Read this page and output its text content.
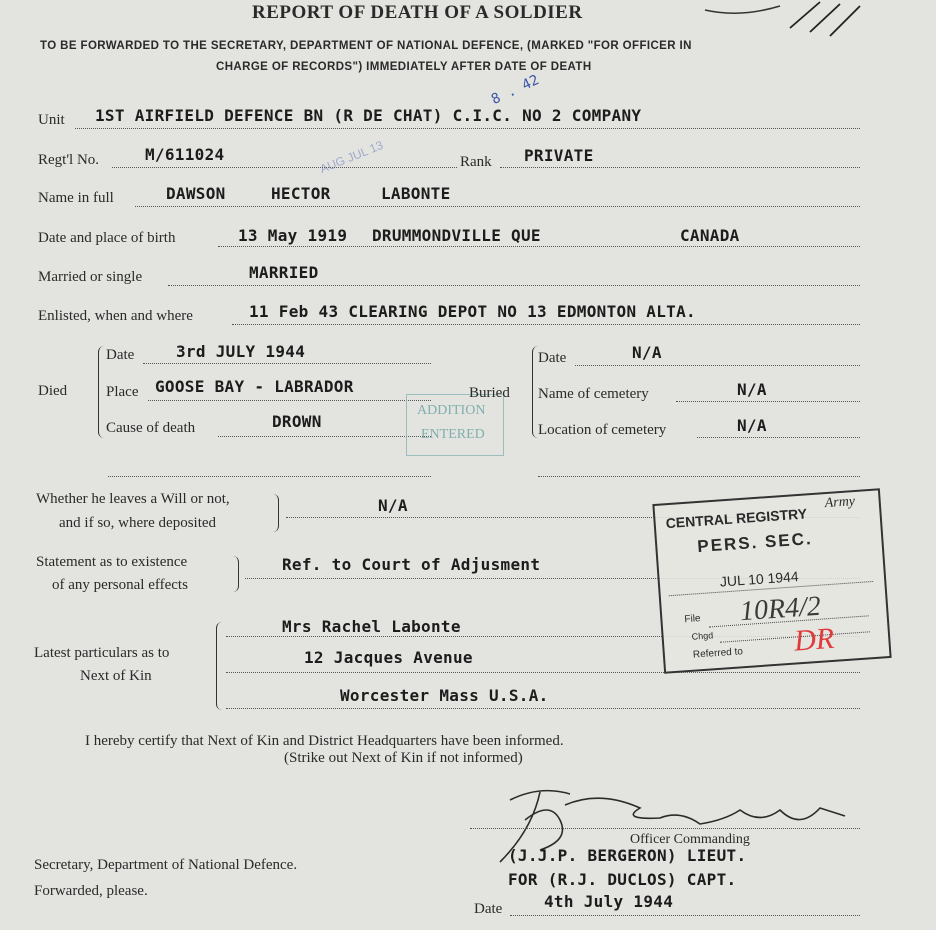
REPORT OF DEATH OF A SOLDIER
TO BE FORWARDED TO THE SECRETARY, DEPARTMENT OF NATIONAL DEFENCE, (MARKED "FOR OFFICER IN
CHARGE OF RECORDS") IMMEDIATELY AFTER DATE OF DEATH
8 . 42
AUG JUL 13
Unit 1ST AIRFIELD DEFENCE BN (R DE CHAT) C.I.C. NO 2 COMPANY
Regt'l No.	M/611024	Rank PRIVATE
Name in full	DAWSON	HECTOR	LABONTE
Date and place of birth	13 May 1919 DRUMMONDVILLE QUE	CANADA
Married or single	MARRIED
Enlisted, when and where	11 Feb 43 CLEARING DEPOT NO 13 EDMONTON ALTA.
Died
Date	3rd JULY 1944
Place GOOSE BAY - LABRADOR
Cause of death	DROWN
ADDITION
ENTERED
Buried
Date	N/A
Name of cemetery	N/A
Location of cemetery	N/A
Whether he leaves a Will or not,
and if so, where deposited
N/A
Statement as to existence
of any personal effects
Ref. to Court of Adjusment
Latest particulars as to
Next of Kin
Mrs Rachel Labonte
12 Jacques Avenue
Worcester Mass U.S.A.
CENTRAL REGISTRY
Army
PERS. SEC.
JUL 10 1944
File 10R4/2
Chgd
Referred to DR
I hereby certify that Next of Kin and District Headquarters have been informed.
(Strike out Next of Kin if not informed)
Officer Commanding
(J.J.P. BERGERON) LIEUT.
FOR (R.J. DUCLOS) CAPT.
Date	4th July 1944
Secretary, Department of National Defence.
Forwarded, please.
